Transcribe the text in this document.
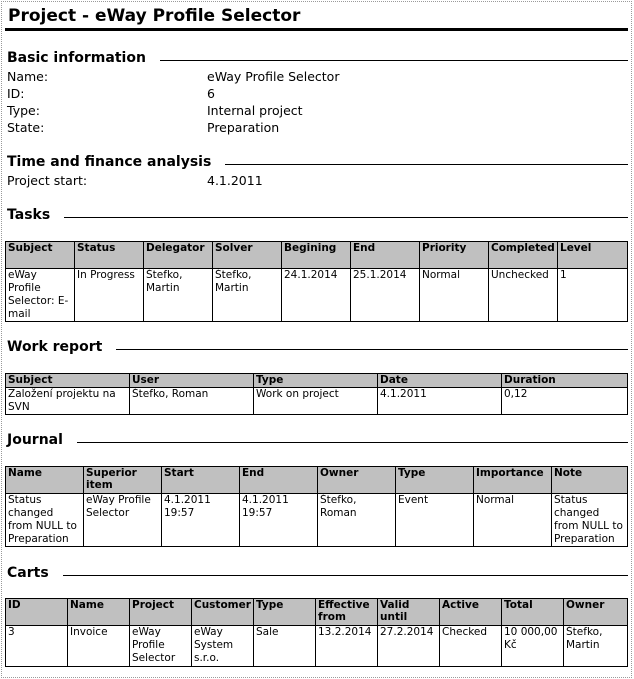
Project - eWay Profile Selector
Basic information
Name:	eWay Profile Selector
ID:	6
Type:	Internal project
State:	Preparation
Time and finance analysis
Project start:	4.1.2011
Tasks
Subject	Status	Delegator	Solver	Begining	End	Priority	Completed	Level
eWay Profile Selector: E-mail	In Progress	Štefko, Martin	Štefko, Martin	24.1.2014	25.1.2014	Normal	Unchecked	1
Work report
Subject	User	Type	Date	Duration
Založení projektu na SVN	Štefko, Roman	Work on project	4.1.2011	0,12
Journal
Name	Superior item	Start	End	Owner	Type	Importance	Note
Status changed from NULL to Preparation	eWay Profile Selector	4.1.2011 19:57	4.1.2011 19:57	Štefko, Roman	Event	Normal	Status changed from NULL to Preparation
Carts
ID	Name	Project	Customer	Type	Effective from	Valid until	Active	Total	Owner
3	Invoice	eWay Profile Selector	eWay System s.r.o.	Sale	13.2.2014	27.2.2014	Checked	10 000,00 Kč	Štefko, Martin
